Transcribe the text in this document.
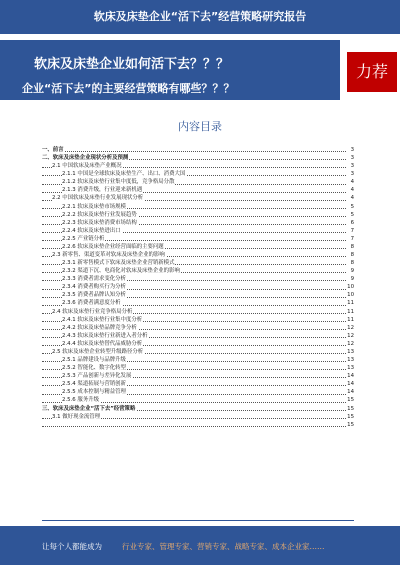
软床及床垫企业“活下去”经营策略研究报告
软床及床垫企业如何活下去？？？
企业“活下去”的主要经营策略有哪些？？？
力荐
内容目录
一、前言	3
二、软床及床垫企业现状分析及预测	3
2.1 中国软床及床垫产业概况	3
2.1.1 中国是全球软床及床垫生产、出口、消费大国	3
2.1.2 软床及床垫行业集中度低，竞争格局分散	4
2.1.3 消费升级，行业迎来新机遇	4
2.2 中国软床及床垫行业发展现状分析	4
2.2.1 软床及床垫市场规模	5
2.2.2 软床及床垫行业发展趋势	5
2.2.3 软床及床垫消费市场结构	6
2.2.4 软床及床垫进出口	7
2.2.5 产业链分析	7
2.2.6 软床及床垫企业经营面临的主要问题	8
2.3 新零售、渠道变革对软床及床垫企业的影响	8
2.3.1 新零售模式下软床及床垫企业营销新模式	8
2.3.2 渠道下沉、电商化对软床及床垫企业的影响	9
2.3.3 消费者需求变化分析	9
2.3.4 消费者购买行为分析	10
2.3.5 消费者品牌认知分析	10
2.3.6 消费者满意度分析	11
2.4 软床及床垫行业竞争格局分析	11
2.4.1 软床及床垫行业集中度分析	11
2.4.2 软床及床垫品牌竞争分析	12
2.4.3 软床及床垫行业新进入者分析	12
2.4.4 软床及床垫替代品威胁分析	12
2.5 软床及床垫企业转型升级路径分析	13
2.5.1 品牌建设与品牌升级	13
2.5.2 智能化、数字化转型	13
2.5.3 产品创新与差异化发展	14
2.5.4 渠道拓展与营销创新	14
2.5.5 成本控制与精益管理	14
2.5.6 服务升级	15
三、软床及床垫企业“活下去”经营策略	15
3.1 做好现金流管理	15
15
让每个人都能成为	行业专家、管理专家、营销专家、战略专家、成本企业家……
